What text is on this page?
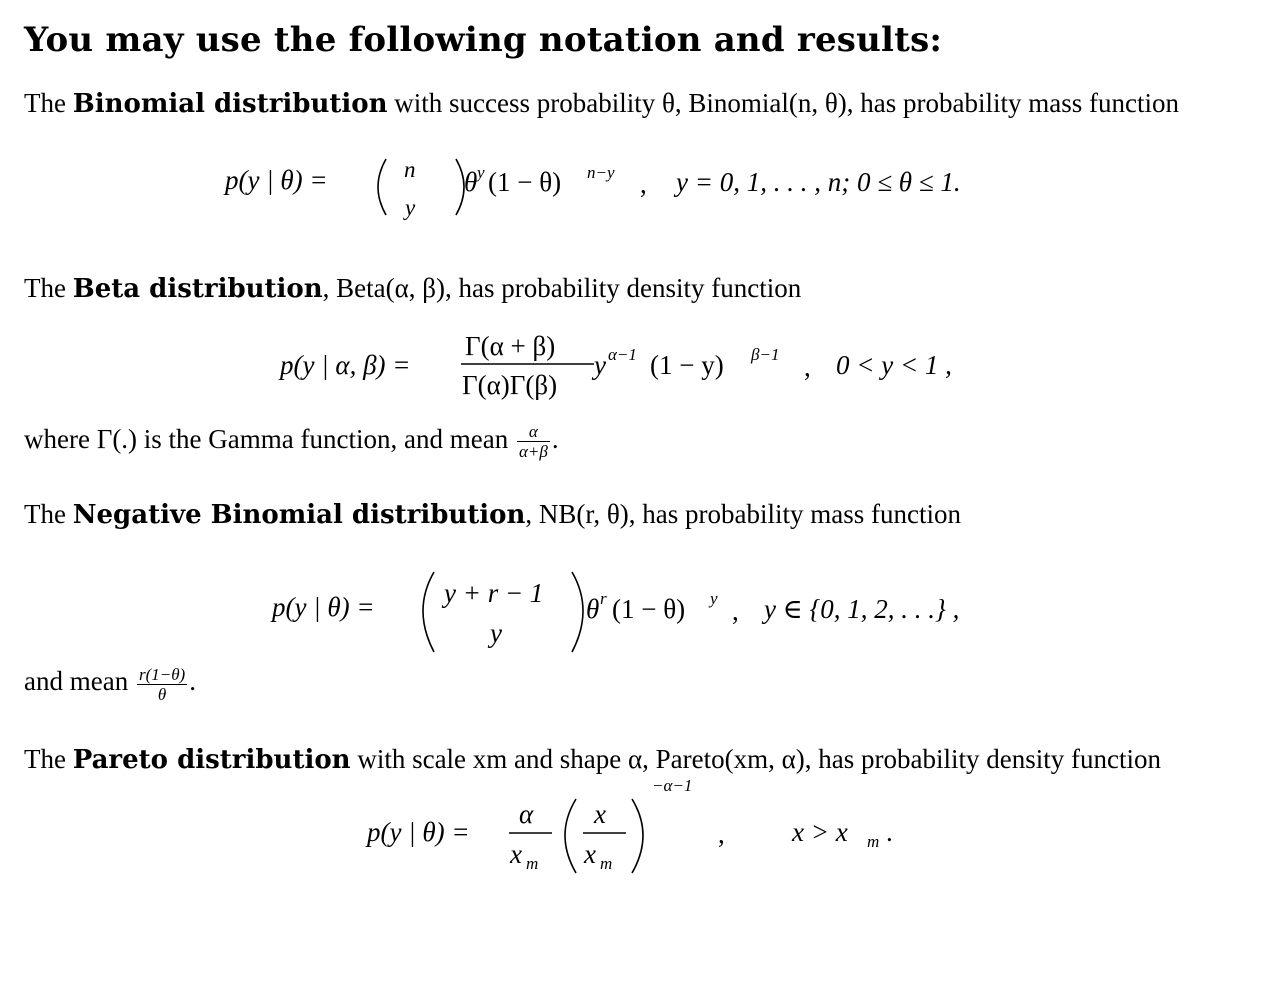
You may use the following notation and results:

The Binomial distribution with success probability θ, Binomial(n, θ), has probability mass function

p(y | θ) =	n
y
θ y (1 − θ) n−y , y = 0, 1, . . . , n; 0 ≤ θ ≤ 1.

The Beta distribution, Beta(α, β), has probability density function

p(y | α, β) =
Γ(α + β)
Γ(α)Γ(β)
y α−1 (1 − y) β−1 , 0 < y < 1 ,

where Γ(.) is the Gamma function, and mean $\frac{\alpha}{\alpha+\beta}$ .

The Negative Binomial distribution, NB(r, θ), has probability mass function

p(y | θ) =	y + r − 1
y
θ r (1 − θ) y , y ∈ {0, 1, 2, . . .} ,

and mean $\frac{r(1-\theta)}{\theta}$ .

The Pareto distribution with scale xm and shape α, Pareto(xm, α), has probability density function

p(y | θ) =
α
x m
x
x m
−α−1
, x > x m .
